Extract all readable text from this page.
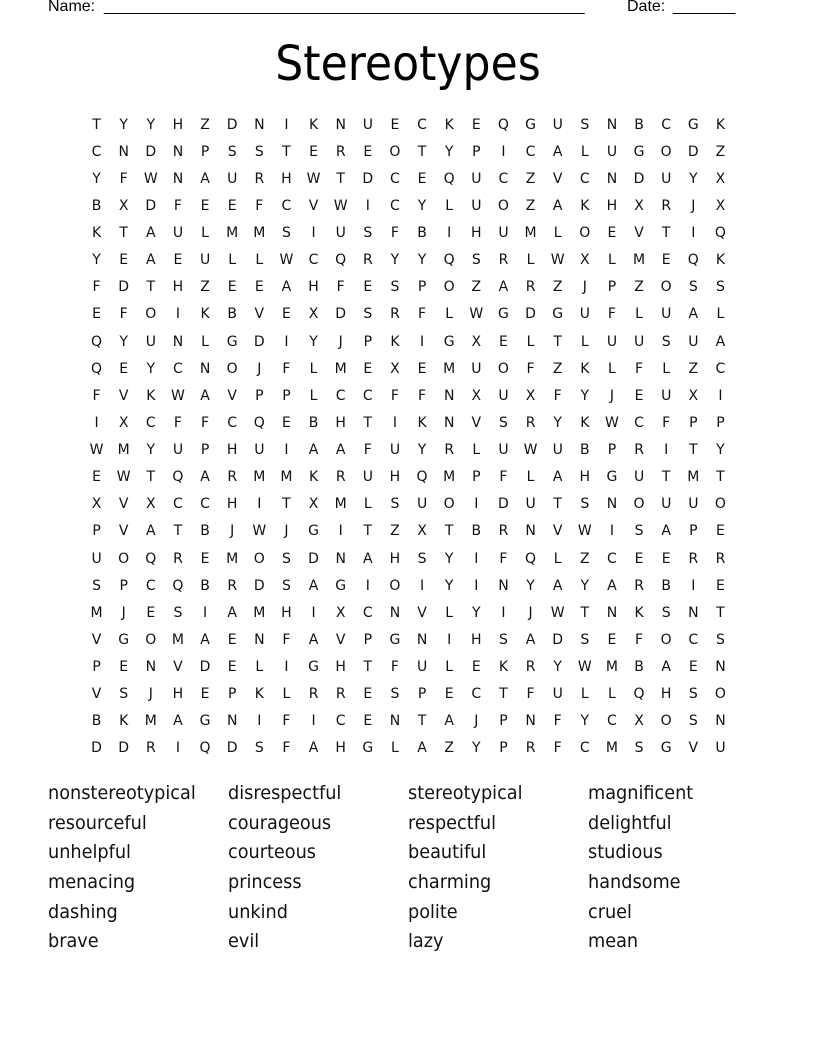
Name: ______________________________________________________	Date: _______
Stereotypes
T	Y	Y	H	Z	D	N	I	K	N	U	E	C	K	E	Q	G	U	S	N	B	C	G	K
C	N	D	N	P	S	S	T	E	R	E	O	T	Y	P	I	C	A	L	U	G	O	D	Z
Y	F	W	N	A	U	R	H	W	T	D	C	E	Q	U	C	Z	V	C	N	D	U	Y	X
B	X	D	F	E	E	F	C	V	W	I	C	Y	L	U	O	Z	A	K	H	X	R	J	X
K	T	A	U	L	M	M	S	I	U	S	F	B	I	H	U	M	L	O	E	V	T	I	Q
Y	E	A	E	U	L	L	W	C	Q	R	Y	Y	Q	S	R	L	W	X	L	M	E	Q	K
F	D	T	H	Z	E	E	A	H	F	E	S	P	O	Z	A	R	Z	J	P	Z	O	S	S
E	F	O	I	K	B	V	E	X	D	S	R	F	L	W	G	D	G	U	F	L	U	A	L
Q	Y	U	N	L	G	D	I	Y	J	P	K	I	G	X	E	L	T	L	U	U	S	U	A
Q	E	Y	C	N	O	J	F	L	M	E	X	E	M	U	O	F	Z	K	L	F	L	Z	C
F	V	K	W	A	V	P	P	L	C	C	F	F	N	X	U	X	F	Y	J	E	U	X	I
I	X	C	F	F	C	Q	E	B	H	T	I	K	N	V	S	R	Y	K	W	C	F	P	P
W	M	Y	U	P	H	U	I	A	A	F	U	Y	R	L	U	W	U	B	P	R	I	T	Y
E	W	T	Q	A	R	M	M	K	R	U	H	Q	M	P	F	L	A	H	G	U	T	M	T
X	V	X	C	C	H	I	T	X	M	L	S	U	O	I	D	U	T	S	N	O	U	U	O
P	V	A	T	B	J	W	J	G	I	T	Z	X	T	B	R	N	V	W	I	S	A	P	E
U	O	Q	R	E	M	O	S	D	N	A	H	S	Y	I	F	Q	L	Z	C	E	E	R	R
S	P	C	Q	B	R	D	S	A	G	I	O	I	Y	I	N	Y	A	Y	A	R	B	I	E
M	J	E	S	I	A	M	H	I	X	C	N	V	L	Y	I	J	W	T	N	K	S	N	T
V	G	O	M	A	E	N	F	A	V	P	G	N	I	H	S	A	D	S	E	F	O	C	S
P	E	N	V	D	E	L	I	G	H	T	F	U	L	E	K	R	Y	W	M	B	A	E	N
V	S	J	H	E	P	K	L	R	R	E	S	P	E	C	T	F	U	L	L	Q	H	S	O
B	K	M	A	G	N	I	F	I	C	E	N	T	A	J	P	N	F	Y	C	X	O	S	N
D	D	R	I	Q	D	S	F	A	H	G	L	A	Z	Y	P	R	F	C	M	S	G	V	U
nonstereotypical	disrespectful	stereotypical	magnificent
resourceful	courageous	respectful	delightful
unhelpful	courteous	beautiful	studious
menacing	princess	charming	handsome
dashing	unkind	polite	cruel
brave	evil	lazy	mean
